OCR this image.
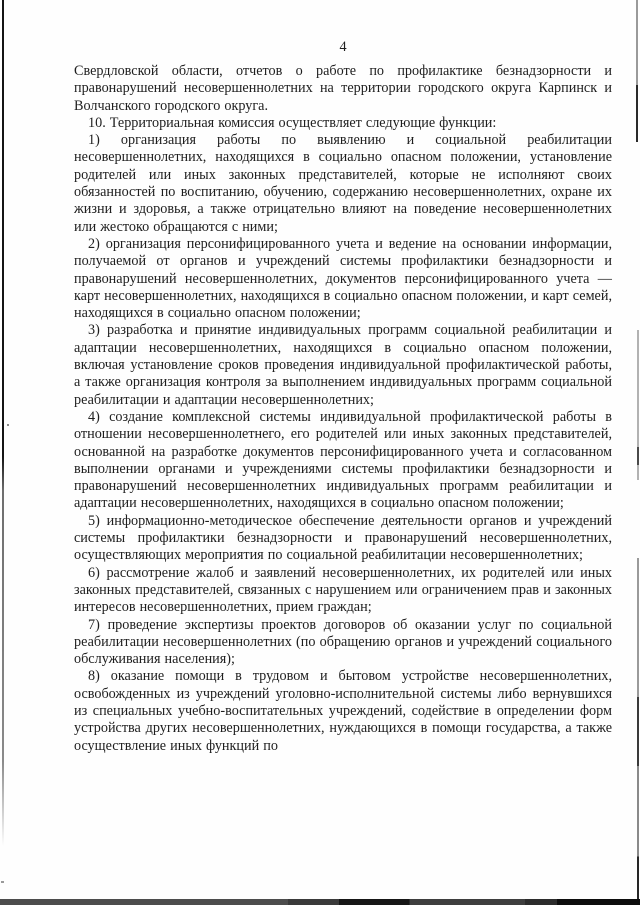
4

Свердловской области, отчетов о работе по профилактике безнадзорности и правонарушений несовершеннолетних на территории городского округа Карпинск и Волчанского городского округа.

10. Территориальная комиссия осуществляет следующие функции:

1) организация работы по выявлению и социальной реабилитации несовершеннолетних, находящихся в социально опасном положении, установление родителей или иных законных представителей, которые не исполняют своих обязанностей по воспитанию, обучению, содержанию несовершеннолетних, охране их жизни и здоровья, а также отрицательно влияют на поведение несовершеннолетних или жестоко обращаются с ними;

2) организация персонифицированного учета и ведение на основании информации, получаемой от органов и учреждений системы профилактики безнадзорности и правонарушений несовершеннолетних, документов персонифицированного учета — карт несовершеннолетних, находящихся в социально опасном положении, и карт семей, находящихся в социально опасном положении;

3) разработка и принятие индивидуальных программ социальной реабилитации и адаптации несовершеннолетних, находящихся в социально опасном положении, включая установление сроков проведения индивидуальной профилактической работы, а также организация контроля за выполнением индивидуальных программ социальной реабилитации и адаптации несовершеннолетних;

4) создание комплексной системы индивидуальной профилактической работы в отношении несовершеннолетнего, его родителей или иных законных представителей, основанной на разработке документов персонифицированного учета и согласованном выполнении органами и учреждениями системы профилактики безнадзорности и правонарушений несовершеннолетних индивидуальных программ реабилитации и адаптации несовершеннолетних, находящихся в социально опасном положении;

5) информационно-методическое обеспечение деятельности органов и учреждений системы профилактики безнадзорности и правонарушений несовершеннолетних, осуществляющих мероприятия по социальной реабилитации несовершеннолетних;

6) рассмотрение жалоб и заявлений несовершеннолетних, их родителей или иных законных представителей, связанных с нарушением или ограничением прав и законных интересов несовершеннолетних, прием граждан;

7) проведение экспертизы проектов договоров об оказании услуг по социальной реабилитации несовершеннолетних (по обращению органов и учреждений социального обслуживания населения);

8) оказание помощи в трудовом и бытовом устройстве несовершеннолетних, освобожденных из учреждений уголовно-исполнительной системы либо вернувшихся из специальных учебно-воспитательных учреждений, содействие в определении форм устройства других несовершеннолетних, нуждающихся в помощи государства, а также осуществление иных функций по
